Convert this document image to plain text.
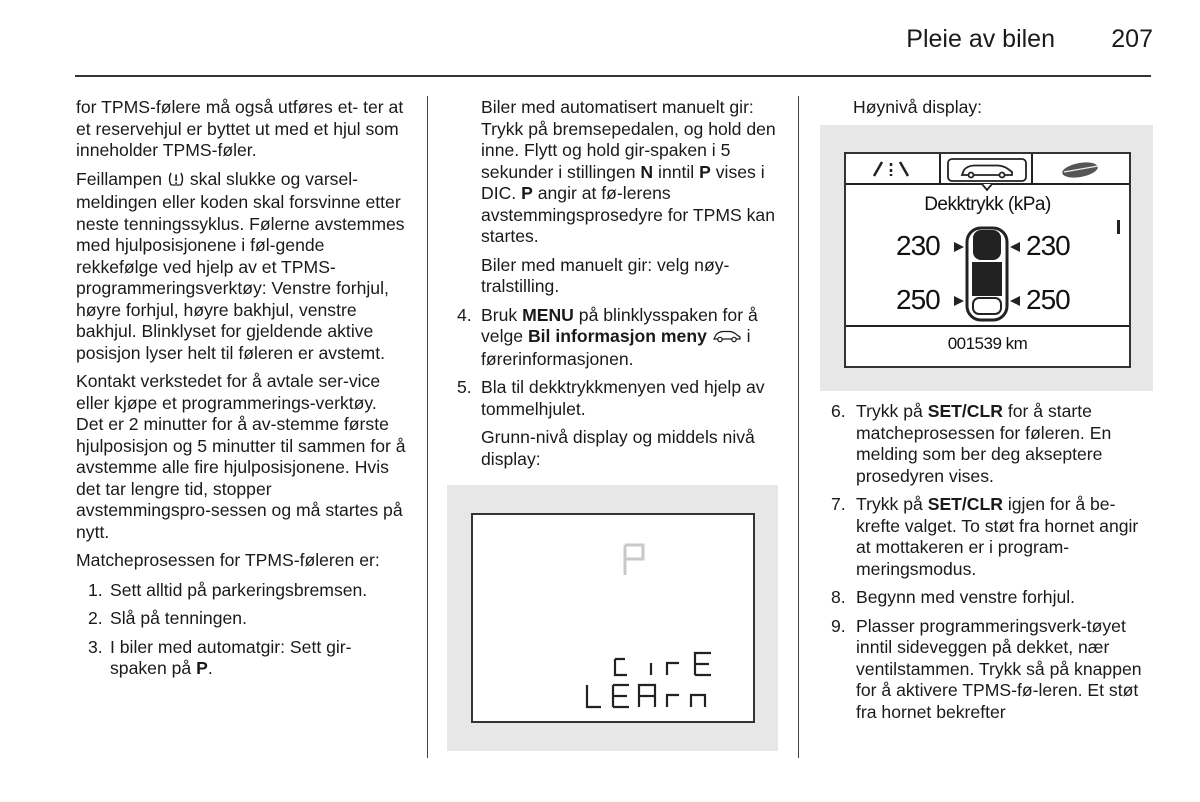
Pleie av bilen	207

for TPMS-følere må også utføres et- ter at et reservehjul er byttet ut med et hjul som inneholder TPMS-føler.

Feillampen skal slukke og varsel-meldingen eller koden skal forsvinne etter neste tenningssyklus. Følerne avstemmes med hjulposisjonene i føl-gende rekkefølge ved hjelp av et TPMS-programmeringsverktøy: Venstre forhjul, høyre forhjul, høyre bakhjul, venstre bakhjul. Blinklyset for gjeldende aktive posisjon lyser helt til føleren er avstemt.

Kontakt verkstedet for å avtale ser-vice eller kjøpe et programmerings-verktøy. Det er 2 minutter for å av-stemme første hjulposisjon og 5 minutter til sammen for å avstemme alle fire hjulposisjonene. Hvis det tar lengre tid, stopper avstemmingspro-sessen og må startes på nytt.

Matcheprosessen for TPMS-føleren er:

1. Sett alltid på parkeringsbremsen.
2. Slå på tenningen.
3. I biler med automatgir: Sett gir-spaken på P.

Biler med automatisert manuelt gir: Trykk på bremsepedalen, og hold den inne. Flytt og hold gir-spaken i 5 sekunder i stillingen N inntil P vises i DIC. P angir at fø-lerens avstemmingsprosedyre for TPMS kan startes.

Biler med manuelt gir: velg nøy-tralstilling.

4. Bruk MENU på blinklysspaken for å velge Bil informasjon meny i førerinformasjonen.
5. Bla til dekktrykkmenyen ved hjelp av tommelhjulet.

Grunn-nivå display og middels nivå display:

Høynivå display:

Dekktrykk (kPa)
230	230
250	250
001539 km
6. Trykk på SET/CLR for å starte matcheprosessen for føleren. En melding som ber deg akseptere prosedyren vises.
7. Trykk på SET/CLR igjen for å be-krefte valget. To støt fra hornet angir at mottakeren er i program-meringsmodus.
8. Begynn med venstre forhjul.
9. Plasser programmeringsverk-tøyet inntil sideveggen på dekket, nær ventilstammen. Trykk så på knappen for å aktivere TPMS-fø-leren. Et støt fra hornet bekrefter
